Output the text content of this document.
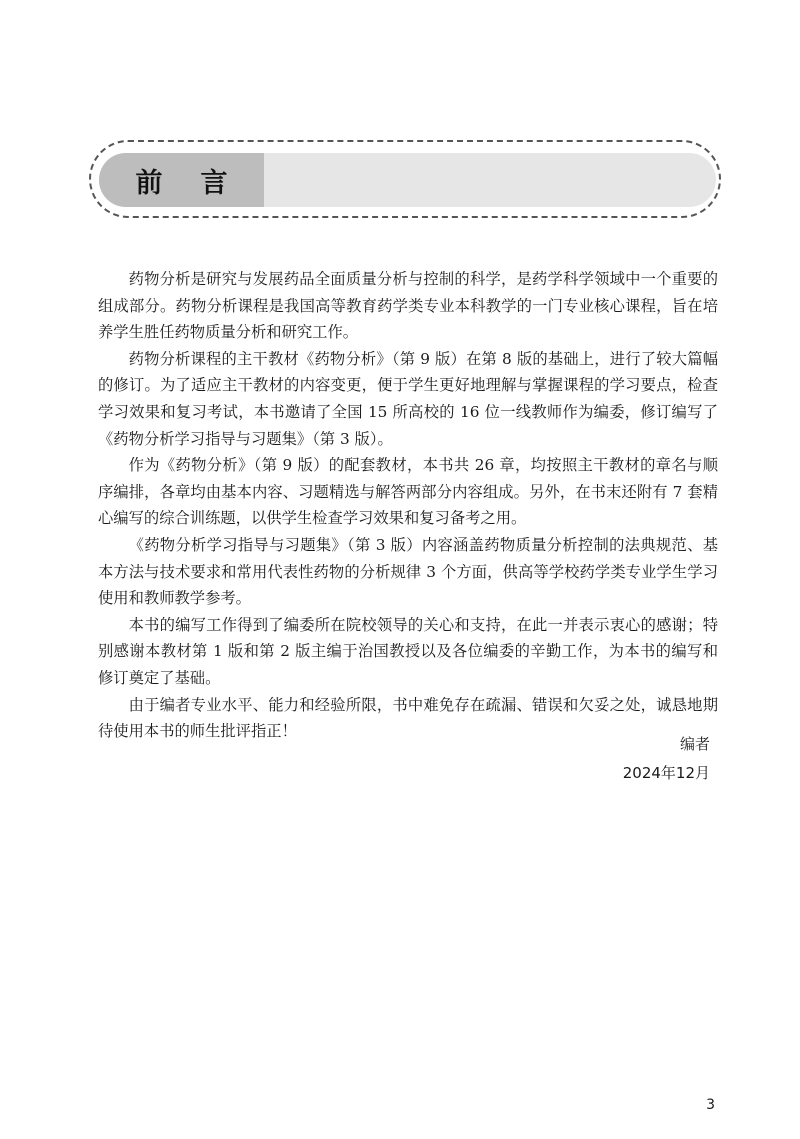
前言

药物分析是研究与发展药品全面质量分析与控制的科学，是药学科学领域中一个重要的组成部分。药物分析课程是我国高等教育药学类专业本科教学的一门专业核心课程，旨在培养学生胜任药物质量分析和研究工作。

药物分析课程的主干教材《药物分析》（第 9 版）在第 8 版的基础上，进行了较大篇幅的修订。为了适应主干教材的内容变更，便于学生更好地理解与掌握课程的学习要点，检查学习效果和复习考试，本书邀请了全国 15 所高校的 16 位一线教师作为编委，修订编写了《药物分析学习指导与习题集》（第 3 版）。

作为《药物分析》（第 9 版）的配套教材，本书共 26 章，均按照主干教材的章名与顺序编排，各章均由基本内容、习题精选与解答两部分内容组成。另外，在书末还附有 7 套精心编写的综合训练题，以供学生检查学习效果和复习备考之用。

《药物分析学习指导与习题集》（第 3 版）内容涵盖药物质量分析控制的法典规范、基本方法与技术要求和常用代表性药物的分析规律 3 个方面，供高等学校药学类专业学生学习使用和教师教学参考。

本书的编写工作得到了编委所在院校领导的关心和支持，在此一并表示衷心的感谢；特别感谢本教材第 1 版和第 2 版主编于治国教授以及各位编委的辛勤工作，为本书的编写和修订奠定了基础。

由于编者专业水平、能力和经验所限，书中难免存在疏漏、错误和欠妥之处，诚恳地期待使用本书的师生批评指正！

编者
2024年12月
3
